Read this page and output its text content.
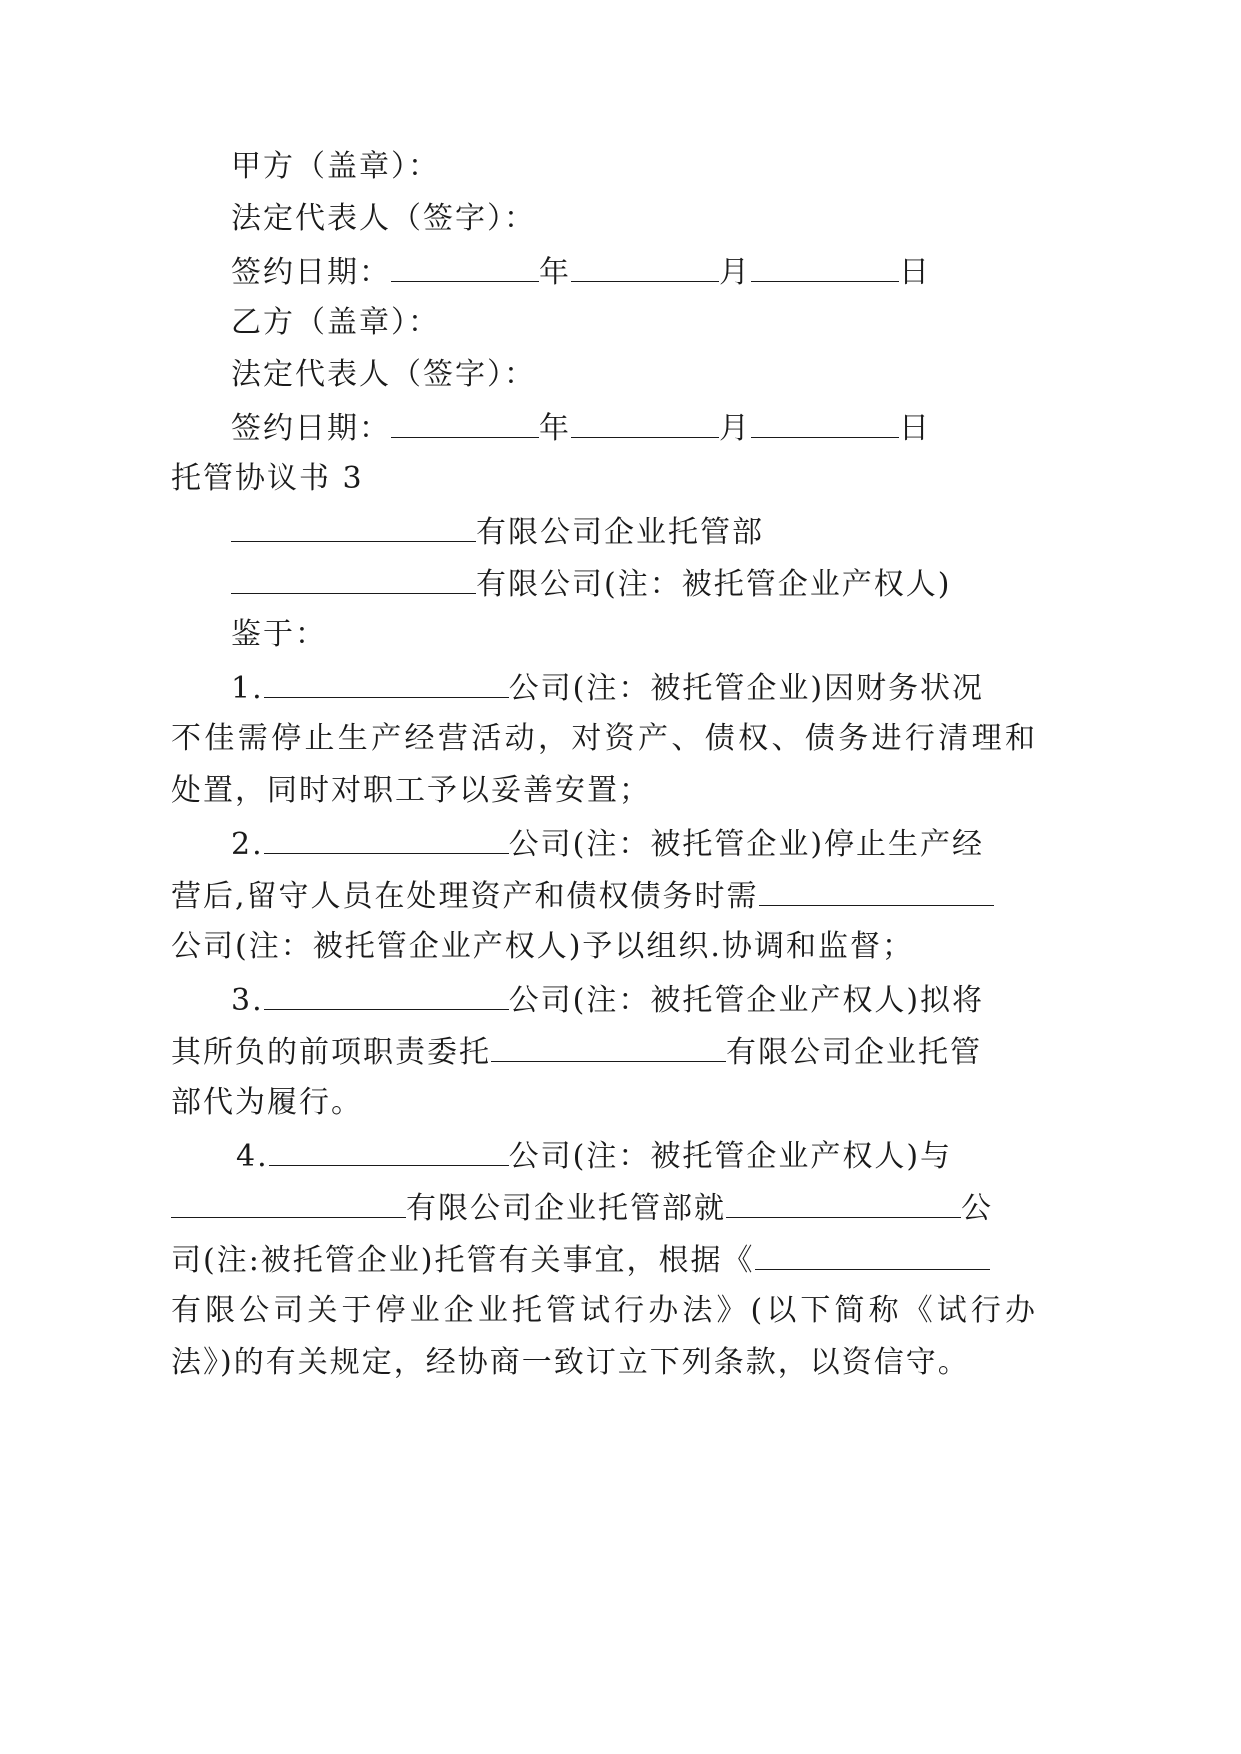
甲方（盖章）：
法定代表人（签字）：
签约日期：	年	月	日
乙方（盖章）：
法定代表人（签字）：
签约日期：	年	月	日
托管协议书 3
有限公司企业托管部
有限公司(注：被托管企业产权人)
鉴于：
1.	公司(注：被托管企业)因财务状况
不佳需停止生产经营活动，对资产、债权、债务进行清理和
处置，同时对职工予以妥善安置；
2.	公司(注：被托管企业)停止生产经
营后,留守人员在处理资产和债权债务时需
公司(注：被托管企业产权人)予以组织.协调和监督；
3.	公司(注：被托管企业产权人)拟将
其所负的前项职责委托	有限公司企业托管
部代为履行。
4.	公司(注：被托管企业产权人)与
有限公司企业托管部就	公
司(注:被托管企业)托管有关事宜，根据《
有限公司关于停业企业托管试行办法》(以下简称《试行办
法》)的有关规定，经协商一致订立下列条款，以资信守。
